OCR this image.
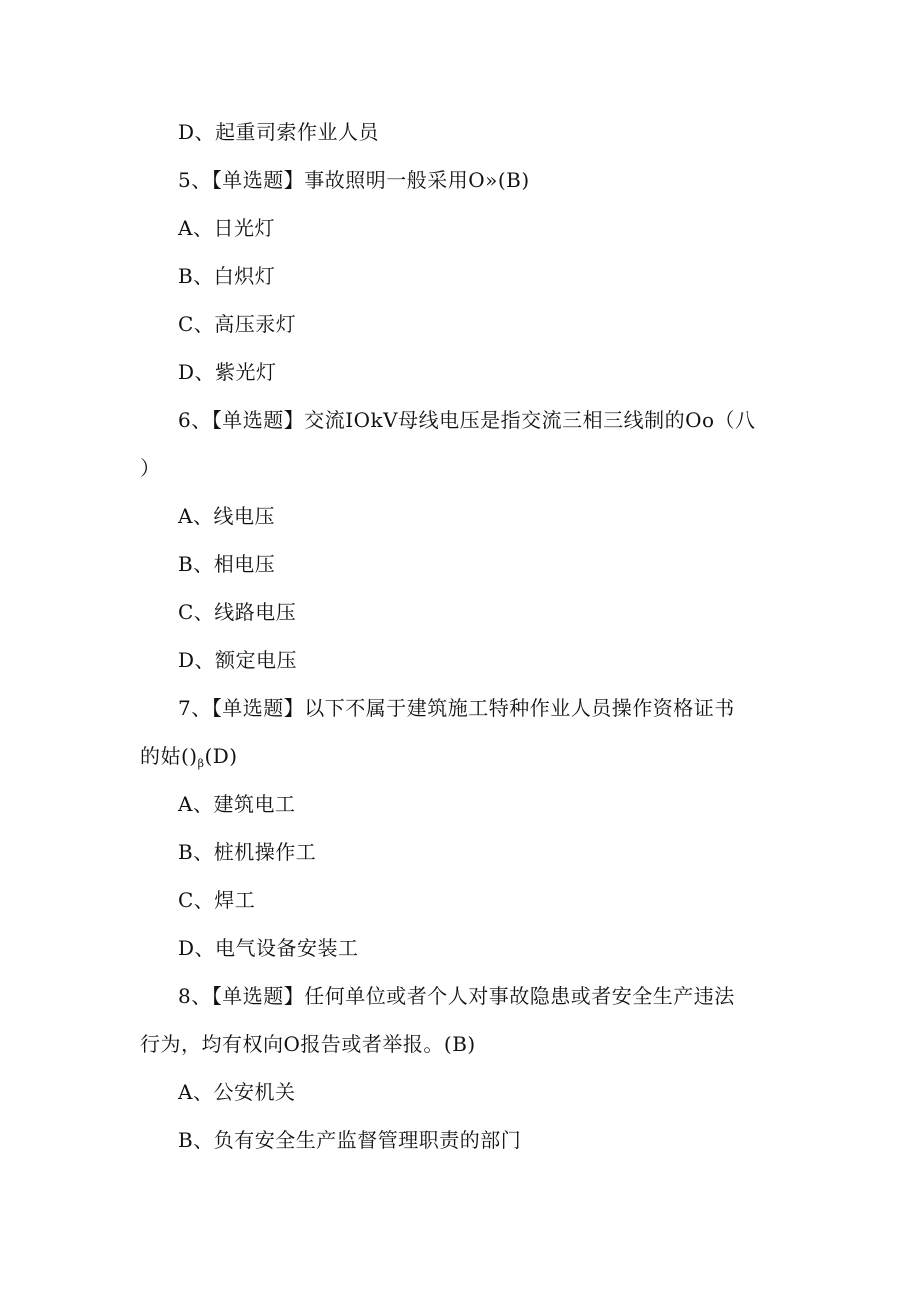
D、起重司索作业人员
5、【单选题】事故照明一般采用O»(B)
A、日光灯
B、白炽灯
C、高压汞灯
D、紫光灯
6、【单选题】交流IOkV母线电压是指交流三相三线制的Oo（八
）
A、线电压
B、相电压
C、线路电压
D、额定电压
7、【单选题】以下不属于建筑施工特种作业人员操作资格证书
的姑$()_\beta(D)$
A、建筑电工
B、桩机操作工
C、焊工
D、电气设备安装工
8、【单选题】任何单位或者个人对事故隐患或者安全生产违法
行为，均有权向O报告或者举报。(B)
A、公安机关
B、负有安全生产监督管理职责的部门
